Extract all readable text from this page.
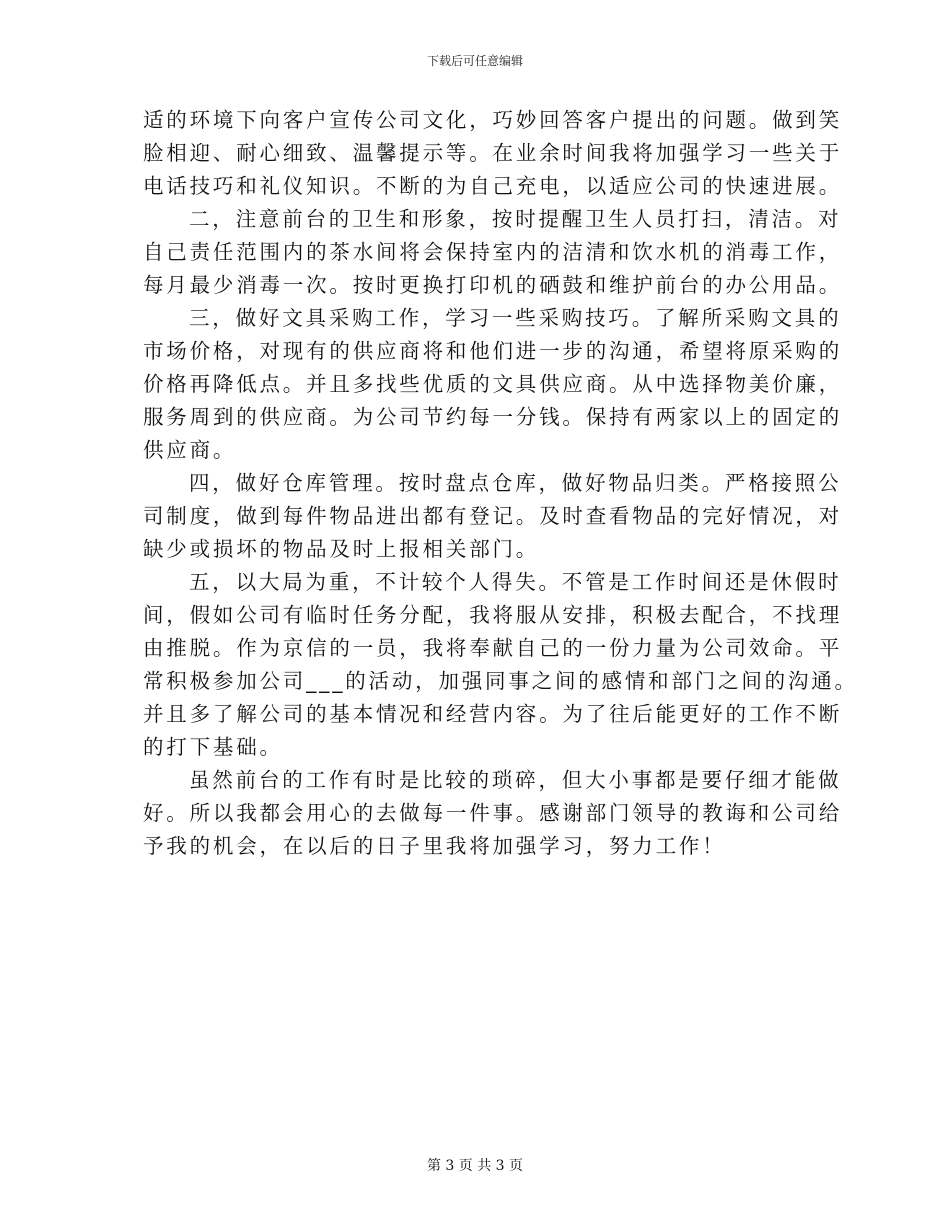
下载后可任意编辑
适的环境下向客户宣传公司文化，巧妙回答客户提出的问题。做到笑
脸相迎、耐心细致、温馨提示等。在业余时间我将加强学习一些关于
电话技巧和礼仪知识。不断的为自己充电，以适应公司的快速进展。
二，注意前台的卫生和形象，按时提醒卫生人员打扫，清洁。对
自己责任范围内的茶水间将会保持室内的洁清和饮水机的消毒工作，
每月最少消毒一次。按时更换打印机的硒鼓和维护前台的办公用品。
三，做好文具采购工作，学习一些采购技巧。了解所采购文具的
市场价格，对现有的供应商将和他们进一步的沟通，希望将原采购的
价格再降低点。并且多找些优质的文具供应商。从中选择物美价廉，
服务周到的供应商。为公司节约每一分钱。保持有两家以上的固定的
供应商。
四，做好仓库管理。按时盘点仓库，做好物品归类。严格接照公
司制度，做到每件物品进出都有登记。及时查看物品的完好情况，对
缺少或损坏的物品及时上报相关部门。
五，以大局为重，不计较个人得失。不管是工作时间还是休假时
间，假如公司有临时任务分配，我将服从安排，积极去配合，不找理
由推脱。作为京信的一员，我将奉献自己的一份力量为公司效命。平
常积极参加公司___的活动，加强同事之间的感情和部门之间的沟通。
并且多了解公司的基本情况和经营内容。为了往后能更好的工作不断
的打下基础。
虽然前台的工作有时是比较的琐碎，但大小事都是要仔细才能做
好。所以我都会用心的去做每一件事。感谢部门领导的教诲和公司给
予我的机会，在以后的日子里我将加强学习，努力工作！
第 3 页 共 3 页
